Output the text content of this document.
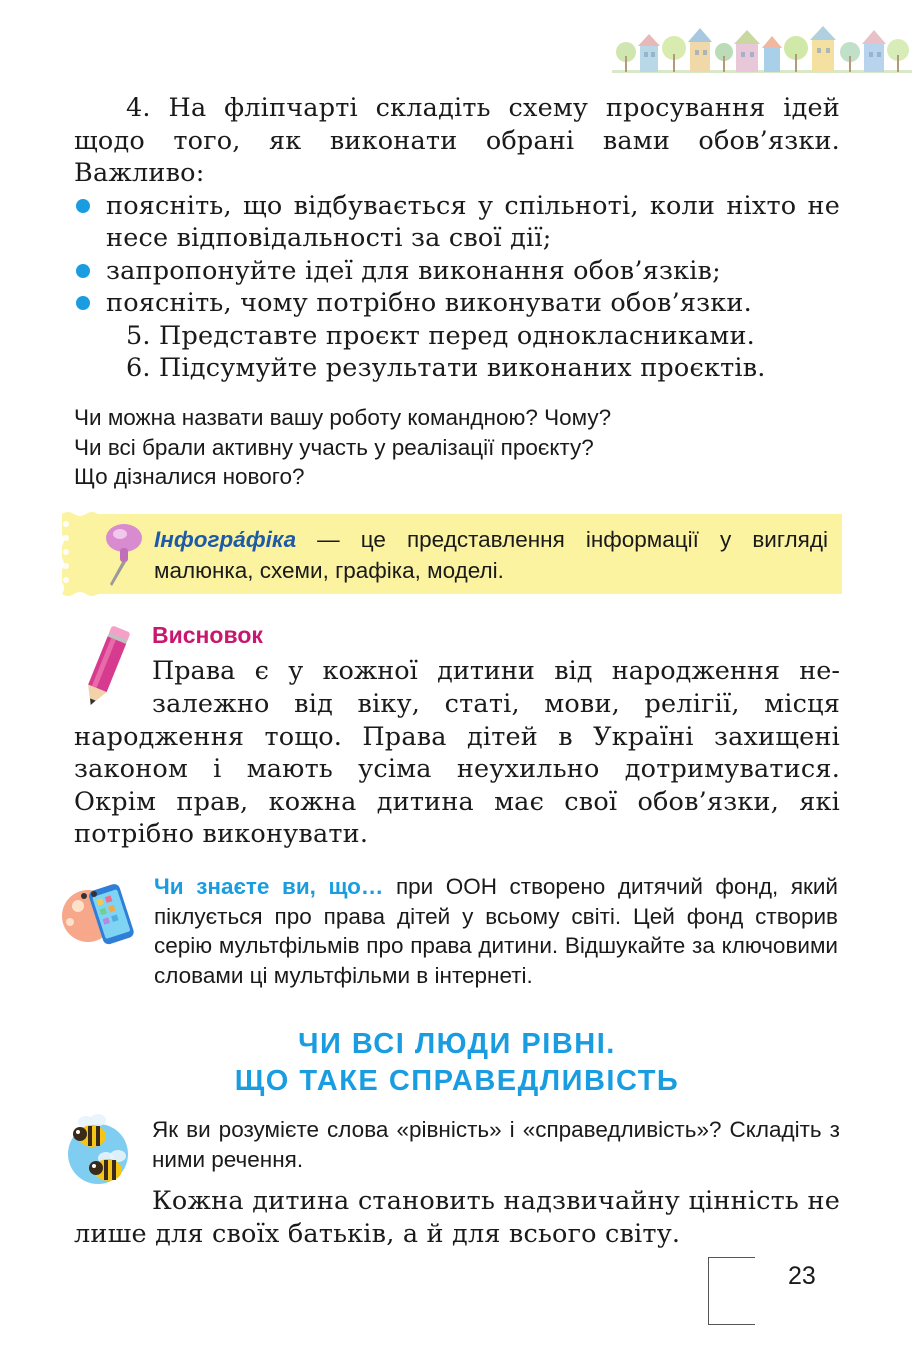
4. На фліпчарті складіть схему просування ідей щодо того, як виконати обрані вами обов’язки. Важливо:
поясніть, що відбувається у спільноті, коли ніхто не несе відповідальності за свої дії;
запропонуйте ідеї для виконання обов’язків;
поясніть, чому потрібно виконувати обов’язки.
5. Представте проєкт перед однокласниками.
6. Підсумуйте результати виконаних проєктів.
Чи можна назвати вашу роботу командною? Чому?
Чи всі брали активну участь у реалізації проєкту?
Що дізналися нового?
Інфогра́фіка — це представлення інформації у вигляді малюнка, схеми, графіка, моделі.
Висновок
Права є у кожної дитини від народження не-
залежно від віку, статі, мови, релігії, місця народження тощо. Права дітей в Україні захищені законом і мають усіма неухильно дотримуватися. Окрім прав, кожна дитина має свої обов’язки, які потрібно виконувати.
Чи знаєте ви, що… при ООН створено дитячий фонд, який піклується про права дітей у всьому світі. Цей фонд створив серію мультфільмів про права дитини. Відшукайте за ключовими словами ці мультфільми в інтернеті.
ЧИ ВСІ ЛЮДИ РІВНІ.
ЩО ТАКЕ СПРАВЕДЛИВІСТЬ
Як ви розумієте слова «рівність» і «справедливість»? Складіть з ними речення.
Кожна дитина становить надзвичайну цінність не лише для своїх батьків, а й для всього світу.
23
